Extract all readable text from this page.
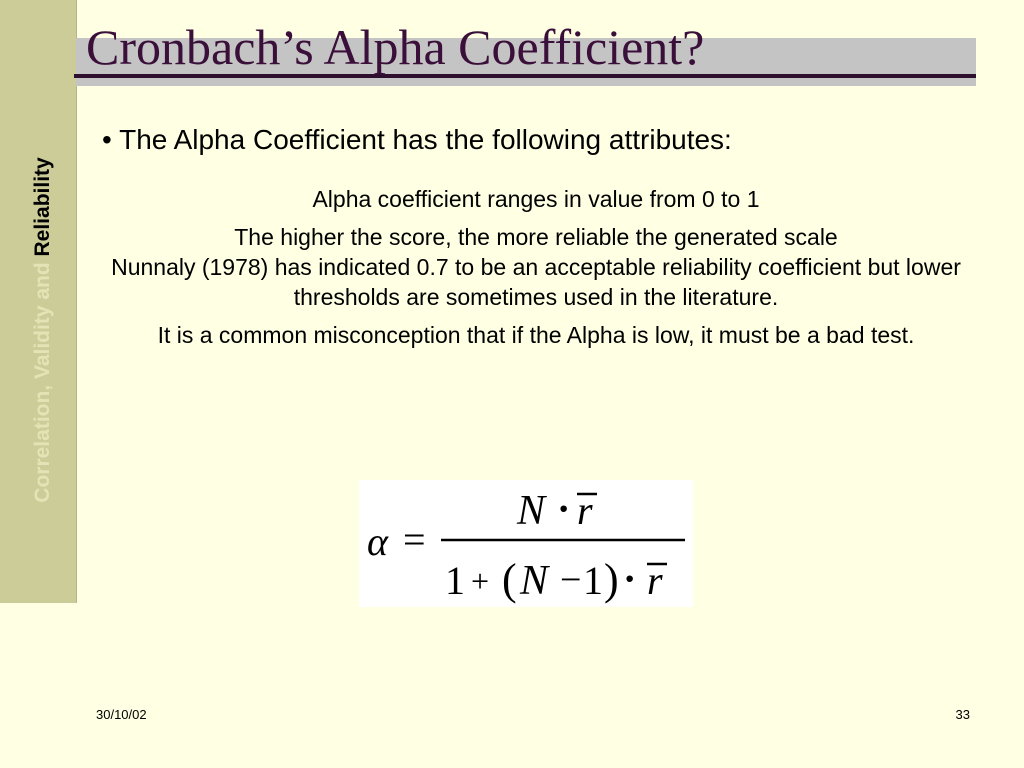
Correlation, Validity and Reliability
Cronbach’s Alpha Coefficient?
• The Alpha Coefficient has the following attributes:
Alpha coefficient ranges in value from 0 to 1
The higher the score, the more reliable the generated scale
Nunnaly (1978) has indicated 0.7 to be an acceptable reliability coefficient but lower thresholds are sometimes used in the literature.
It is a common misconception that if the Alpha is low, it must be a bad test.
α =
N · r
1 + ( N − 1 ) · r
30/10/02	33
